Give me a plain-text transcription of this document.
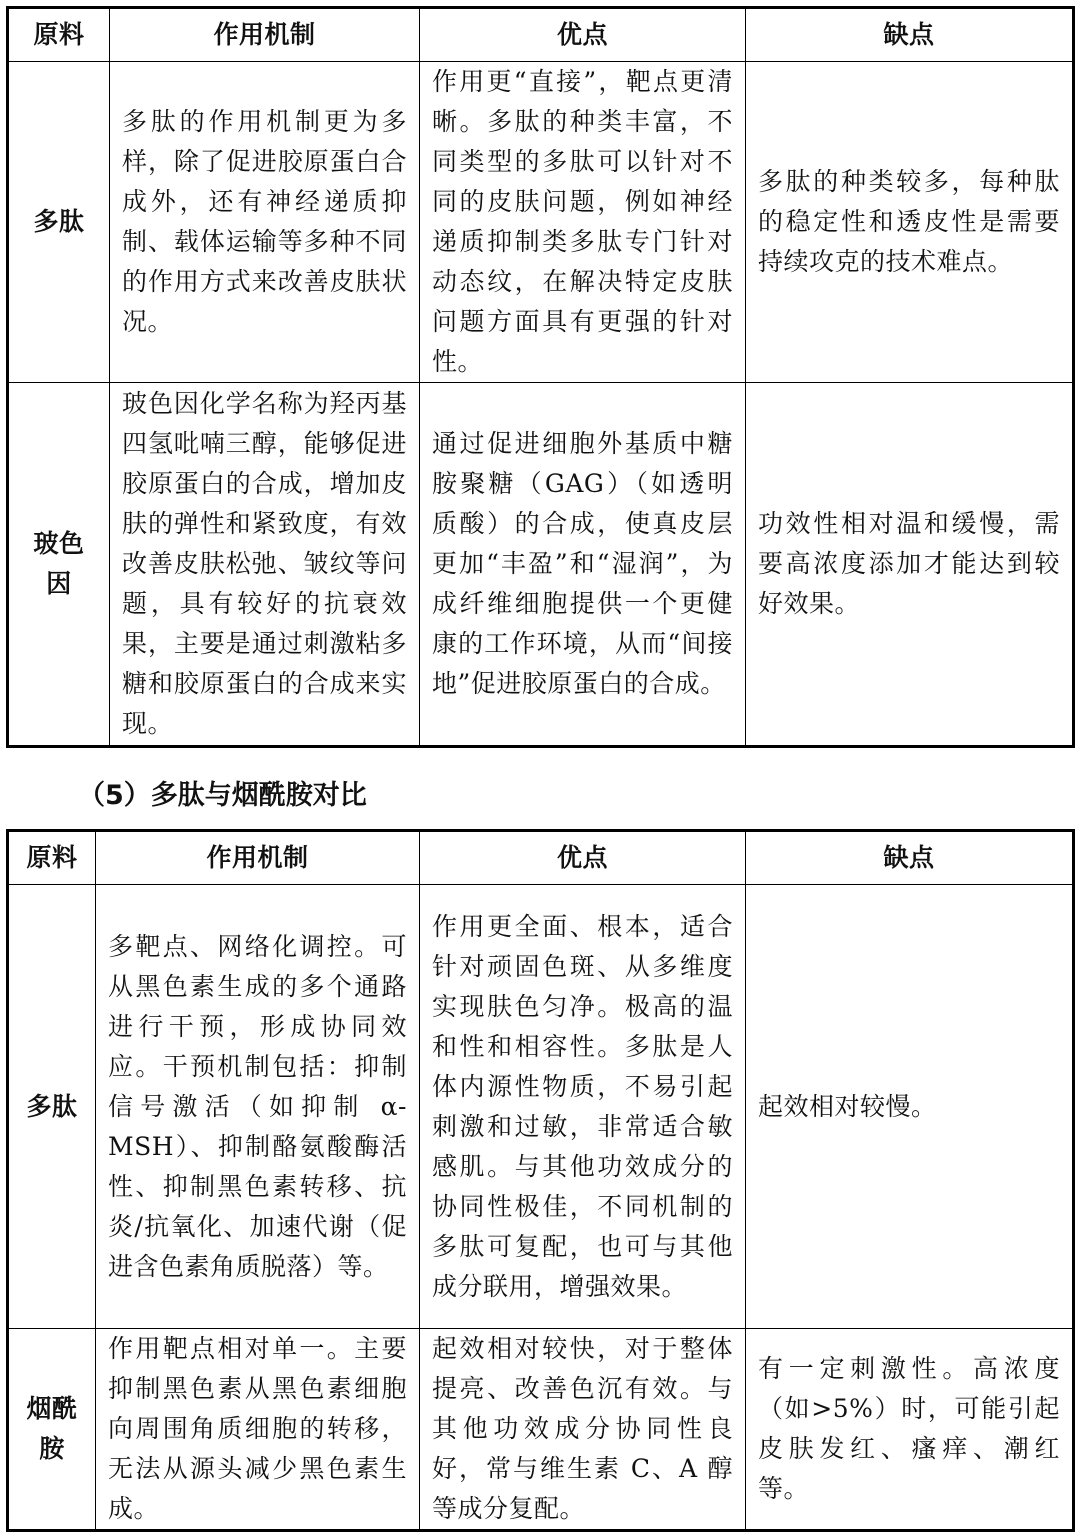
原料	作用机制	优点	缺点
多肽	多肽的作用机制更为多样，除了促进胶原蛋白合成外，还有神经递质抑制、载体运输等多种不同的作用方式来改善皮肤状况。	作用更“直接”，靶点更清晰。多肽的种类丰富，不同类型的多肽可以针对不同的皮肤问题，例如神经递质抑制类多肽专门针对动态纹，在解决特定皮肤问题方面具有更强的针对性。	多肽的种类较多，每种肽的稳定性和透皮性是需要持续攻克的技术难点。
玻色因	玻色因化学名称为羟丙基四氢吡喃三醇，能够促进胶原蛋白的合成，增加皮肤的弹性和紧致度，有效改善皮肤松弛、皱纹等问题，具有较好的抗衰效果，主要是通过刺激粘多糖和胶原蛋白的合成来实现。	通过促进细胞外基质中糖胺聚糖（GAG）（如透明质酸）的合成，使真皮层更加“丰盈”和“湿润”，为成纤维细胞提供一个更健康的工作环境，从而“间接地”促进胶原蛋白的合成。	功效性相对温和缓慢，需要高浓度添加才能达到较好效果。
（5）多肽与烟酰胺对比
原料	作用机制	优点	缺点
多肽	多靶点、网络化调控。可从黑色素生成的多个通路进行干预，形成协同效应。干预机制包括：抑制信号激活（如抑制 α-MSH）、抑制酪氨酸酶活性、抑制黑色素转移、抗炎/抗氧化、加速代谢（促进含色素角质脱落）等。	作用更全面、根本，适合针对顽固色斑、从多维度实现肤色匀净。极高的温和性和相容性。多肽是人体内源性物质，不易引起刺激和过敏，非常适合敏感肌。与其他功效成分的协同性极佳，不同机制的多肽可复配，也可与其他成分联用，增强效果。	起效相对较慢。
烟酰胺	作用靶点相对单一。主要抑制黑色素从黑色素细胞向周围角质细胞的转移，无法从源头减少黑色素生成。	起效相对较快，对于整体提亮、改善色沉有效。与其他功效成分协同性良好，常与维生素 C、A 醇等成分复配。	有一定刺激性。高浓度（如>5%）时，可能引起皮肤发红、瘙痒、潮红等。
